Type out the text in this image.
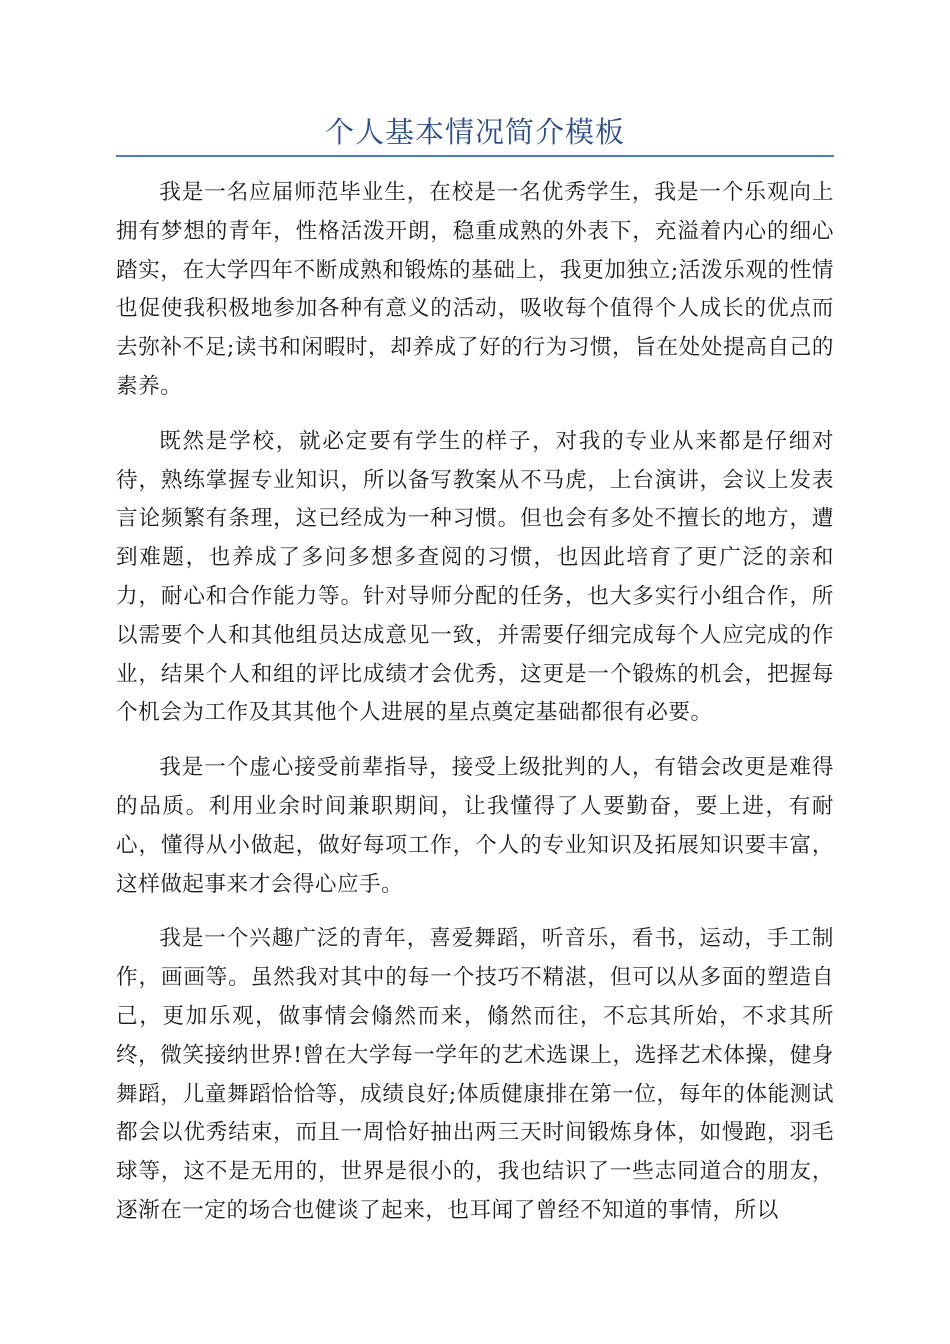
个人基本情况简介模板

我是一名应届师范毕业生，在校是一名优秀学生，我是一个乐观向上拥有梦想的青年，性格活泼开朗，稳重成熟的外表下，充溢着内心的细心踏实，在大学四年不断成熟和锻炼的基础上，我更加独立;活泼乐观的性情也促使我积极地参加各种有意义的活动，吸收每个值得个人成长的优点而去弥补不足;读书和闲暇时，却养成了好的行为习惯，旨在处处提高自己的素养。

既然是学校，就必定要有学生的样子，对我的专业从来都是仔细对待，熟练掌握专业知识，所以备写教案从不马虎，上台演讲，会议上发表言论频繁有条理，这已经成为一种习惯。但也会有多处不擅长的地方，遭到难题，也养成了多问多想多查阅的习惯，也因此培育了更广泛的亲和力，耐心和合作能力等。针对导师分配的任务，也大多实行小组合作，所以需要个人和其他组员达成意见一致，并需要仔细完成每个人应完成的作业，结果个人和组的评比成绩才会优秀，这更是一个锻炼的机会，把握每个机会为工作及其其他个人进展的星点奠定基础都很有必要。

我是一个虚心接受前辈指导，接受上级批判的人，有错会改更是难得的品质。利用业余时间兼职期间，让我懂得了人要勤奋，要上进，有耐心，懂得从小做起，做好每项工作，个人的专业知识及拓展知识要丰富，这样做起事来才会得心应手。

我是一个兴趣广泛的青年，喜爱舞蹈，听音乐，看书，运动，手工制作，画画等。虽然我对其中的每一个技巧不精湛，但可以从多面的塑造自己，更加乐观，做事情会翛然而来，翛然而往，不忘其所始，不求其所终，微笑接纳世界!曾在大学每一学年的艺术选课上，选择艺术体操，健身舞蹈，儿童舞蹈恰恰等，成绩良好;体质健康排在第一位，每年的体能测试都会以优秀结束，而且一周恰好抽出两三天时间锻炼身体，如慢跑，羽毛球等，这不是无用的，世界是很小的，我也结识了一些志同道合的朋友，逐渐在一定的场合也健谈了起来，也耳闻了曾经不知道的事情，所以
